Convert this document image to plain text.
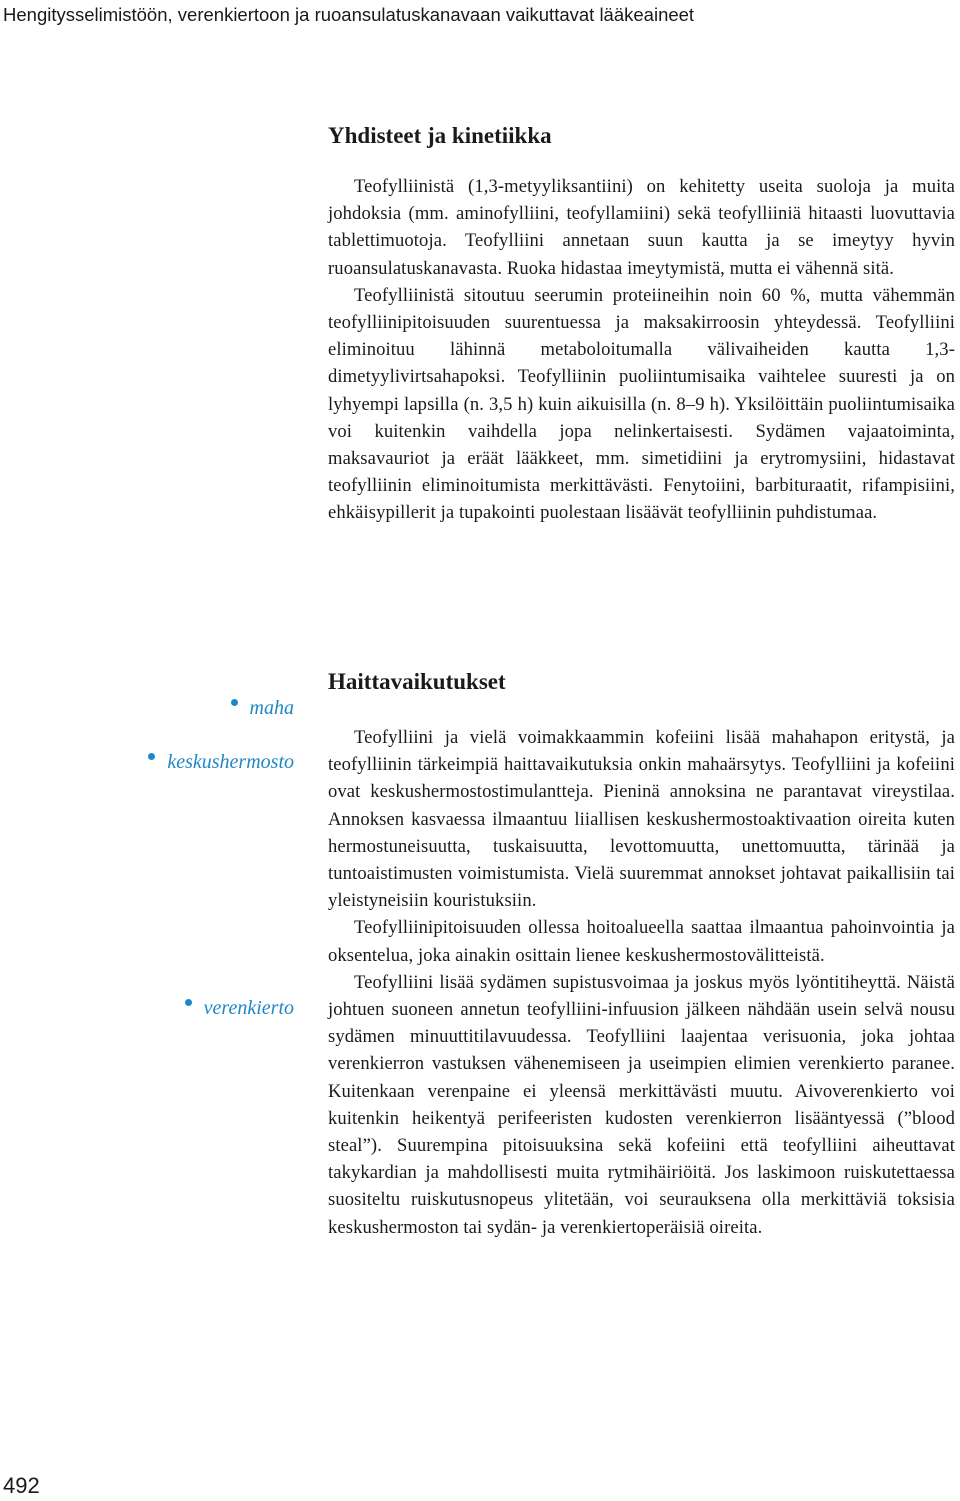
Hengitysselimistöön, verenkiertoon ja ruoansulatuskanavaan vaikuttavat lääkeaineet
Yhdisteet ja kinetiikka

Teofylliinistä (1,3-metyyliksantiini) on kehitetty useita suoloja ja muita johdoksia (mm. aminofylliini, teofyllamiini) sekä teofylliiniä hitaasti luovuttavia tablettimuotoja. Teofylliini annetaan suun kautta ja se imeytyy hyvin ruoansulatuskanavasta. Ruoka hidastaa imeytymistä, mutta ei vähennä sitä.

Teofylliinistä sitoutuu seerumin proteiineihin noin 60 %, mutta vähemmän teofylliinipitoisuuden suurentuessa ja maksakirroosin yhteydessä. Teofylliini eliminoituu lähinnä metaboloitumalla välivaiheiden kautta 1,3-dimetyylivirtsahapoksi. Teofylliinin puoliintumisaika vaihtelee suuresti ja on lyhyempi lapsilla (n. 3,5 h) kuin aikuisilla (n. 8–9 h). Yksilöittäin puoliintumisaika voi kuitenkin vaihdella jopa nelinkertaisesti. Sydämen vajaatoiminta, maksavauriot ja eräät lääkkeet, mm. simetidiini ja erytromysiini, hidastavat teofylliinin eliminoitumista merkittävästi. Fenytoiini, barbituraatit, rifampisiini, ehkäisypillerit ja tupakointi puolestaan lisäävät teofylliinin puhdistumaa.

Haittavaikutukset

Teofylliini ja vielä voimakkaammin kofeiini lisää mahahapon eritystä, ja teofylliinin tärkeimpiä haittavaikutuksia onkin mahaärsytys. Teofylliini ja kofeiini ovat keskushermostostimulantteja. Pieninä annoksina ne parantavat vireystilaa. Annoksen kasvaessa ilmaantuu liiallisen keskushermostoaktivaation oireita kuten hermostuneisuutta, tuskaisuutta, levottomuutta, unettomuutta, tärinää ja tuntoaistimusten voimistumista. Vielä suuremmat annokset johtavat paikallisiin tai yleistyneisiin kouristuksiin.

Teofylliinipitoisuuden ollessa hoitoalueella saattaa ilmaantua pahoinvointia ja oksentelua, joka ainakin osittain lienee keskushermostovälitteistä.

Teofylliini lisää sydämen supistusvoimaa ja joskus myös lyöntitiheyttä. Näistä johtuen suoneen annetun teofylliini-infuusion jälkeen nähdään usein selvä nousu sydämen minuuttitilavuudessa. Teofylliini laajentaa verisuonia, joka johtaa verenkierron vastuksen vähenemiseen ja useimpien elimien verenkierto paranee. Kuitenkaan verenpaine ei yleensä merkittävästi muutu. Aivoverenkierto voi kuitenkin heikentyä perifeeristen kudosten verenkierron lisääntyessä (”blood steal”). Suurempina pitoisuuksina sekä kofeiini että teofylliini aiheuttavat takykardian ja mahdollisesti muita rytmihäiriöitä. Jos laskimoon ruiskutettaessa suositeltu ruiskutusnopeus ylitetään, voi seurauksena olla merkittäviä toksisia keskushermoston tai sydän- ja verenkiertoperäisiä oireita.

maha
keskushermosto
verenkierto
492
